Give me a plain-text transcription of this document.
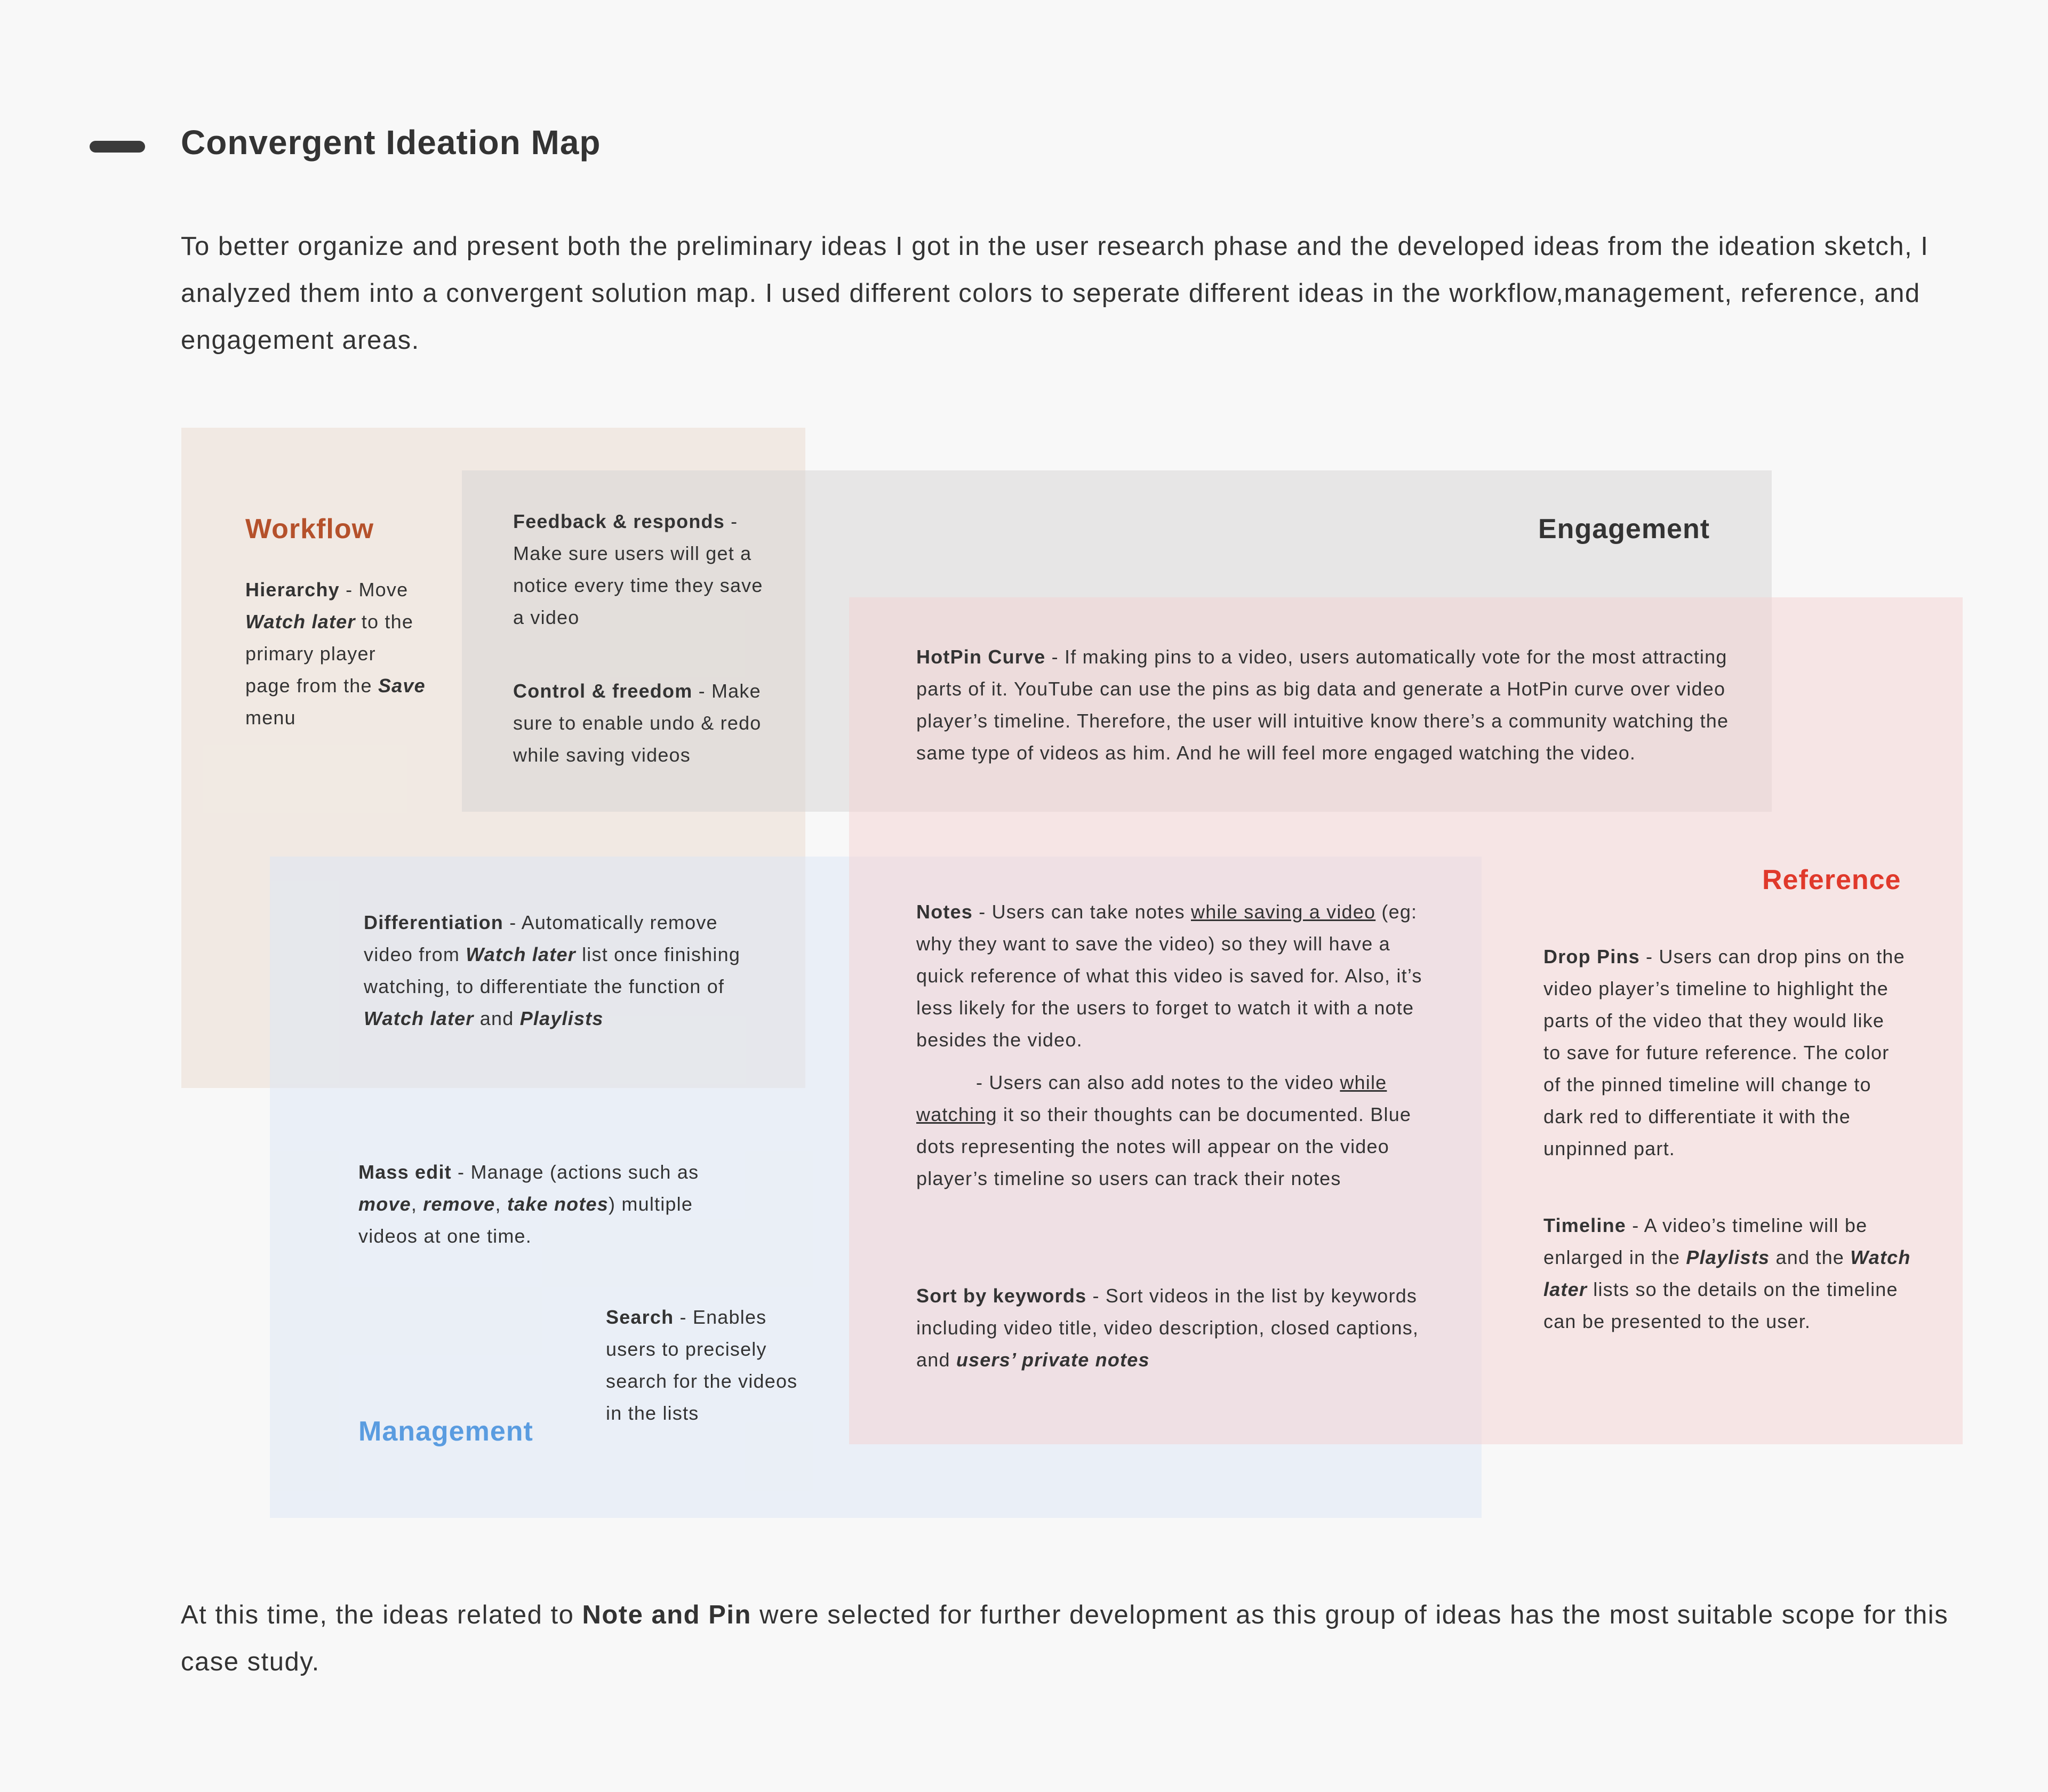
Convergent Ideation Map
To better organize and present both the preliminary ideas I got in the user research phase and the developed ideas from the ideation sketch, I analyzed them into a convergent solution map. I used different colors to seperate different ideas in the workflow,management, reference, and engagement areas.
Workflow	Engagement
Reference
Management
Hierarchy - Move Watch later to the primary player page from the Save menu
Feedback & responds - Make sure users will get a notice every time they save a video
Control & freedom - Make sure to enable undo & redo while saving videos
HotPin Curve - If making pins to a video, users automatically vote for the most attracting parts of it. YouTube can use the pins as big data and generate a HotPin curve over video player’s timeline. Therefore, the user will intuitive know there’s a community watching the same type of videos as him. And he will feel more engaged watching the video.
Differentiation - Automatically remove video from Watch later list once finishing watching, to differentiate the function of Watch later and Playlists
Notes - Users can take notes while saving a video (eg: why they want to save the video) so they will have a quick reference of what this video is saved for. Also, it’s less likely for the users to forget to watch it with a note besides the video.
- Users can also add notes to the video while watching it so their thoughts can be documented. Blue dots representing the notes will appear on the video player’s timeline so users can track their notes
Drop Pins - Users can drop pins on the video player’s timeline to highlight the parts of the video that they would like to save for future reference. The color of the pinned timeline will change to dark red to differentiate it with the unpinned part.
Mass edit - Manage (actions such as move, remove, take notes) multiple videos at one time.	Timeline - A video’s timeline will be enlarged in the Playlists and the Watch later lists so the details on the timeline can be presented to the user.
Sort by keywords - Sort videos in the list by keywords including video title, video description, closed captions, and users’ private notes
Search - Enables users to precisely search for the videos in the lists
At this time, the ideas related to Note and Pin were selected for further development as this group of ideas has the most suitable scope for this case study.
